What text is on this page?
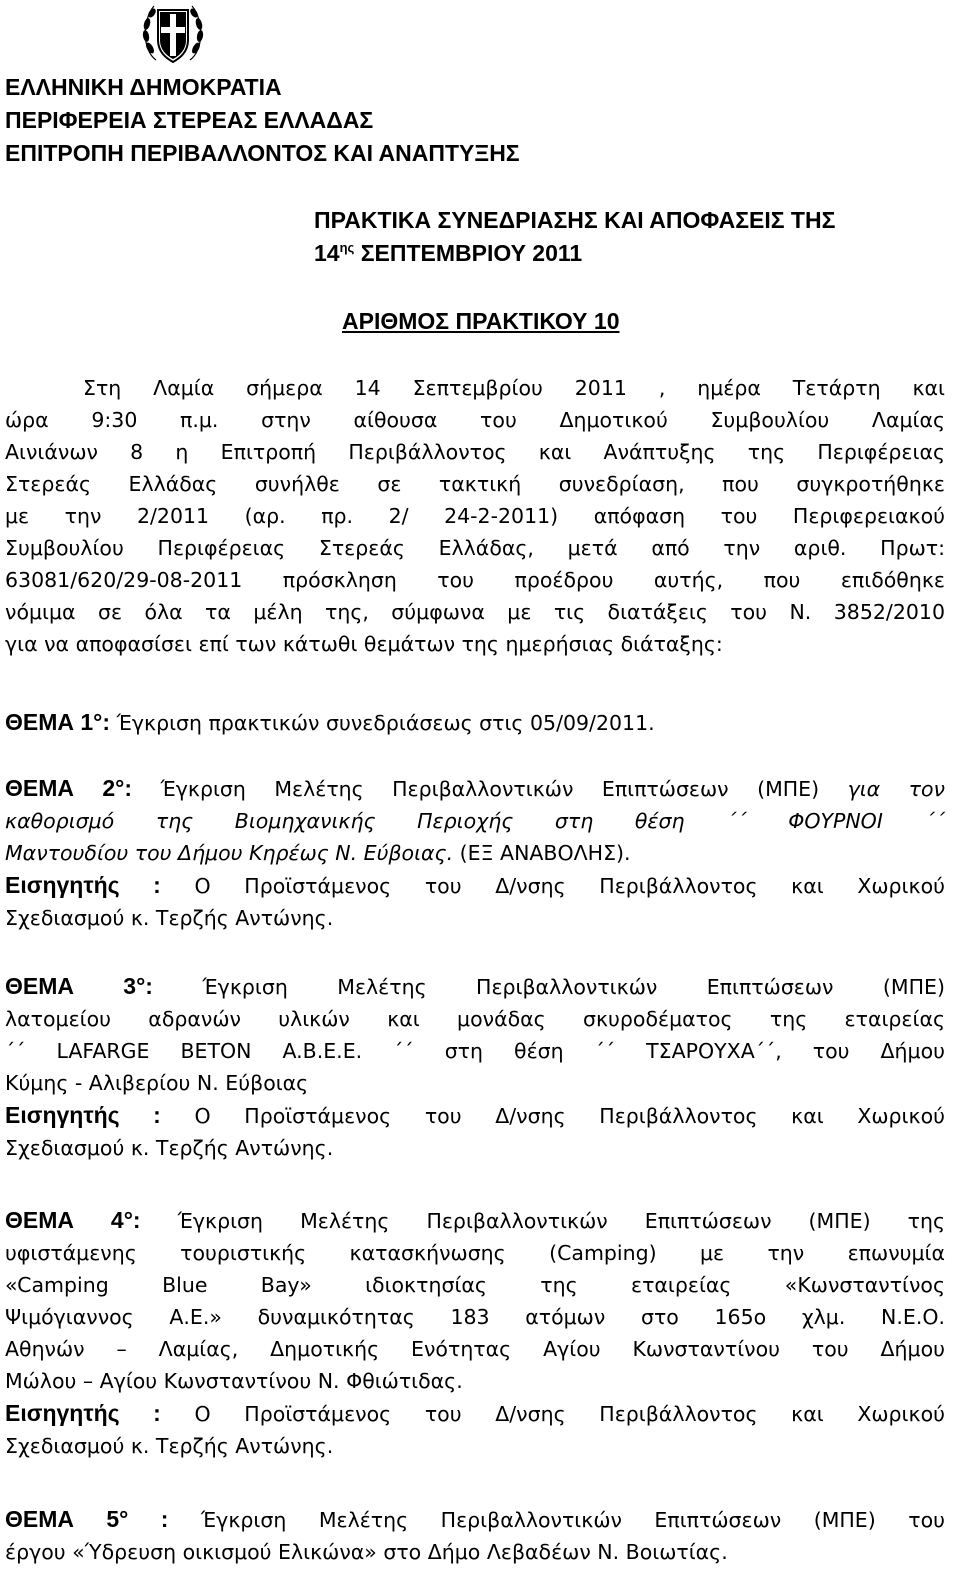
ΕΛΛΗΝΙΚΗ ΔΗΜΟΚΡΑΤΙΑ
ΠΕΡΙΦΕΡΕΙΑ ΣΤΕΡΕΑΣ ΕΛΛΑΔΑΣ
ΕΠΙΤΡΟΠΗ ΠΕΡΙΒΑΛΛΟΝΤΟΣ ΚΑΙ ΑΝΑΠΤΥΞΗΣ
ΠΡΑΚΤΙΚΑ ΣΥΝΕΔΡΙΑΣΗΣ ΚΑΙ ΑΠΟΦΑΣΕΙΣ ΤΗΣ
$14^{\eta\varsigma}$ ΣΕΠΤΕΜΒΡΙΟΥ 2011
ΑΡΙΘΜΟΣ ΠΡΑΚΤΙΚΟΥ 10
Στη Λαμία σήμερα 14 Σεπτεμβρίου 2011 , ημέρα Τετάρτη και
ώρα 9:30 π.μ. στην αίθουσα του Δημοτικού Συμβουλίου Λαμίας
Αινιάνων 8 η Επιτροπή Περιβάλλοντος και Ανάπτυξης της Περιφέρειας
Στερεάς Ελλάδας συνήλθε σε τακτική συνεδρίαση, που συγκροτήθηκε
με την 2/2011 (αρ. πρ. 2/ 24-2-2011) απόφαση του Περιφερειακού
Συμβουλίου Περιφέρειας Στερεάς Ελλάδας, μετά από την αριθ. Πρωτ:
63081/620/29-08-2011 πρόσκληση του προέδρου αυτής, που επιδόθηκε
νόμιμα σε όλα τα μέλη της, σύμφωνα με τις διατάξεις του Ν. 3852/2010
για να αποφασίσει επί των κάτωθι θεμάτων της ημερήσιας διάταξης:
ΘΕΜΑ 1°: Έγκριση πρακτικών συνεδριάσεως στις 05/09/2011.
ΘΕΜΑ 2°: Έγκριση Μελέτης Περιβαλλοντικών Επιπτώσεων (ΜΠΕ) για τον
καθορισμό της Βιομηχανικής Περιοχής στη θέση ΄΄ ΦΟΥΡΝΟΙ ΄΄
Μαντουδίου του Δήμου Κηρέως Ν. Εύβοιας. (ΕΞ ΑΝΑΒΟΛΗΣ).
Εισηγητής : Ο Προϊστάμενος του Δ/νσης Περιβάλλοντος και Χωρικού
Σχεδιασμού κ. Τερζής Αντώνης.
ΘΕΜΑ 3°: Έγκριση Μελέτης Περιβαλλοντικών Επιπτώσεων (ΜΠΕ)
λατομείου αδρανών υλικών και μονάδας σκυροδέματος της εταιρείας
΄΄ LAFARGE BETON A.B.E.E. ΄΄ στη θέση ΄΄ ΤΣΑΡΟΥΧΑ΄΄, του Δήμου
Κύμης - Αλιβερίου Ν. Εύβοιας
Εισηγητής : Ο Προϊστάμενος του Δ/νσης Περιβάλλοντος και Χωρικού
Σχεδιασμού κ. Τερζής Αντώνης.
ΘΕΜΑ 4°: Έγκριση Μελέτης Περιβαλλοντικών Επιπτώσεων (ΜΠΕ) της
υφιστάμενης τουριστικής κατασκήνωσης (Camping) με την επωνυμία
«Camping Blue Bay» ιδιοκτησίας της εταιρείας «Κωνσταντίνος
Ψιμόγιαννος Α.Ε.» δυναμικότητας 183 ατόμων στο 165ο χλμ. Ν.Ε.Ο.
Αθηνών – Λαμίας, Δημοτικής Ενότητας Αγίου Κωνσταντίνου του Δήμου
Μώλου – Αγίου Κωνσταντίνου Ν. Φθιώτιδας.
Εισηγητής : Ο Προϊστάμενος του Δ/νσης Περιβάλλοντος και Χωρικού
Σχεδιασμού κ. Τερζής Αντώνης.
ΘΕΜΑ 5° : Έγκριση Μελέτης Περιβαλλοντικών Επιπτώσεων (ΜΠΕ) του
έργου «Ύδρευση οικισμού Ελικώνα» στο Δήμο Λεβαδέων Ν. Βοιωτίας.
